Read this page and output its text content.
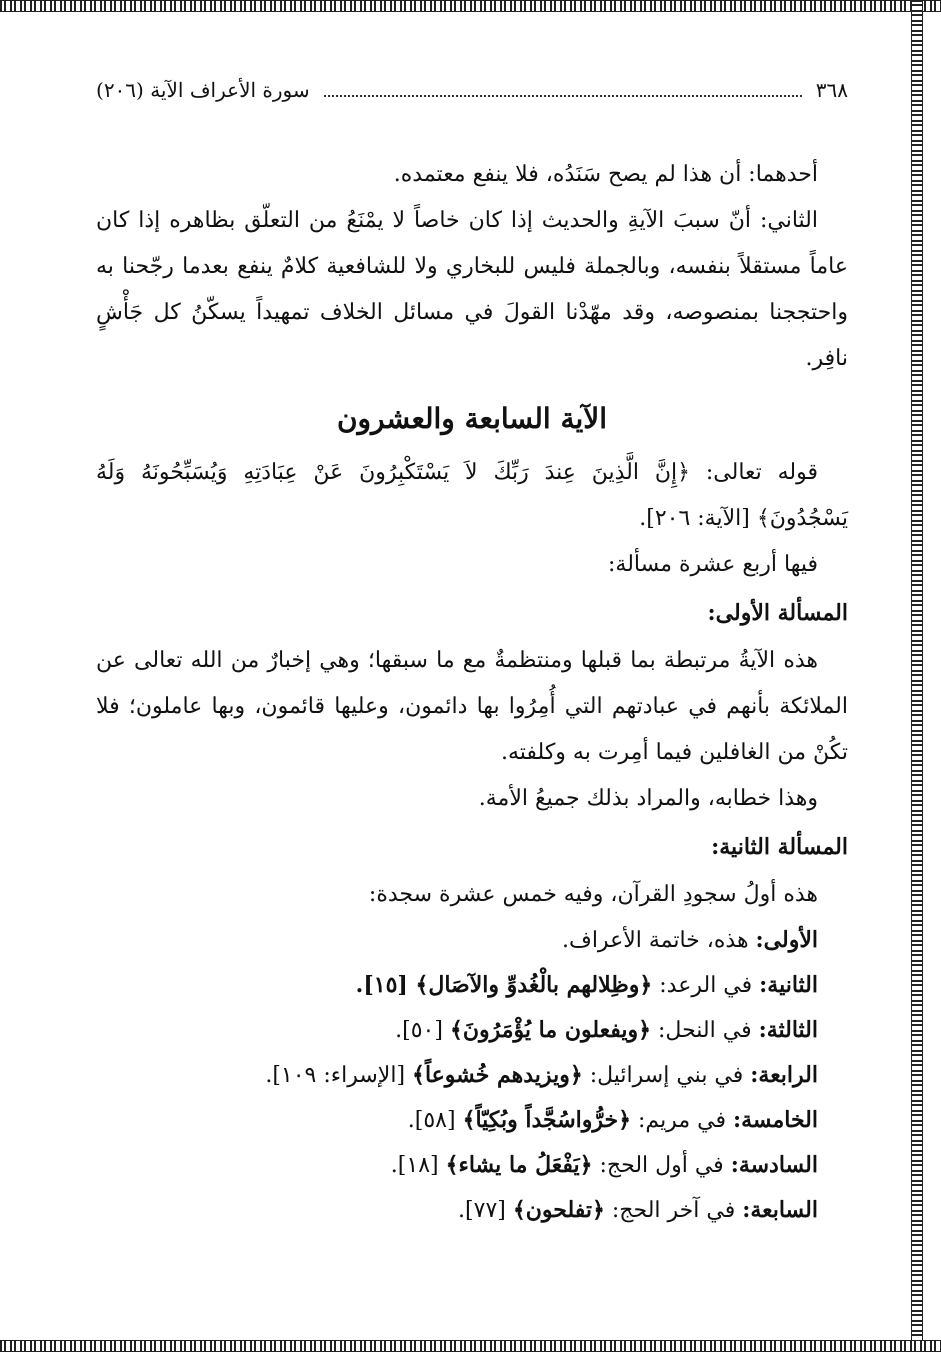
٣٦٨
سورة الأعراف الآية (٢٠٦)

أحدهما: أن هذا لم يصح سَنَدُه، فلا ينفع معتمده.

الثاني: أنّ سببَ الآيةِ والحديث إذا كان خاصاً لا يمْنَعُ من التعلّق بظاهره إذا كان عاماً مستقلاً بنفسه، وبالجملة فليس للبخاري ولا للشافعية كلامٌ ينفع بعدما رجّحنا به واحتججنا بمنصوصه، وقد مهّدْنا القولَ في مسائل الخلاف تمهيداً يسكّنُ كل جَأْشٍ نافِر.

الآية السابعة والعشرون

قوله تعالى: ﴿إِنَّ الَّذِينَ عِندَ رَبِّكَ لاَ يَسْتَكْبِرُونَ عَنْ عِبَادَتِهِ وَيُسَبِّحُونَهُ وَلَهُ يَسْجُدُونَ﴾ [الآية: ٢٠٦].

فيها أربع عشرة مسألة:

المسألة الأولى:

هذه الآيةُ مرتبطة بما قبلها ومنتظمةٌ مع ما سبقها؛ وهي إخبارٌ من الله تعالى عن الملائكة بأنهم في عبادتهم التي أُمِرُوا بها دائمون، وعليها قائمون، وبها عاملون؛ فلا تكُنْ من الغافلين فيما أمِرت به وكلفته.

وهذا خطابه، والمراد بذلك جميعُ الأمة.

المسألة الثانية:

هذه أولُ سجودِ القرآن، وفيه خمس عشرة سجدة:

الأولى: هذه، خاتمة الأعراف.
الثانية: في الرعد: ﴿وظِلالهم بالْغُدوِّ والآصَال﴾ [١٥].
الثالثة: في النحل: ﴿ويفعلون ما يُؤْمَرُونَ﴾ [٥٠].
الرابعة: في بني إسرائيل: ﴿ويزيدهم خُشوعاً﴾ [الإسراء: ١٠٩].
الخامسة: في مريم: ﴿خرُّواسُجَّداً وبُكِيّاً﴾ [٥٨].
السادسة: في أول الحج: ﴿يَفْعَلُ ما يشاء﴾ [١٨].
السابعة: في آخر الحج: ﴿تفلحون﴾ [٧٧].
